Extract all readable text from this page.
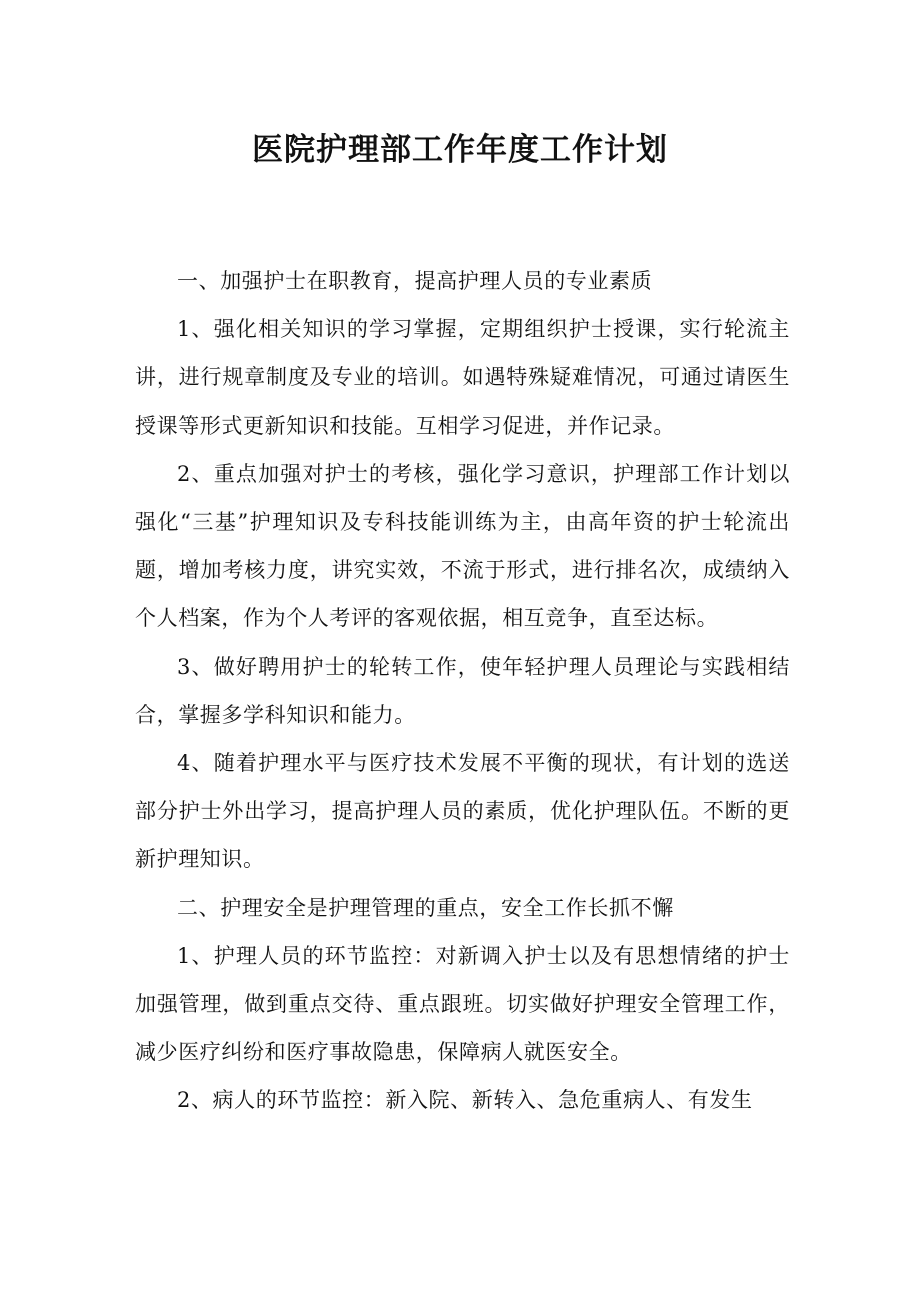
医院护理部工作年度工作计划

一、加强护士在职教育，提高护理人员的专业素质

1、强化相关知识的学习掌握，定期组织护士授课，实行轮流主讲，进行规章制度及专业的培训。如遇特殊疑难情况，可通过请医生授课等形式更新知识和技能。互相学习促进，并作记录。

2、重点加强对护士的考核，强化学习意识，护理部工作计划以强化“三基”护理知识及专科技能训练为主，由高年资的护士轮流出题，增加考核力度，讲究实效，不流于形式，进行排名次，成绩纳入个人档案，作为个人考评的客观依据，相互竞争，直至达标。

3、做好聘用护士的轮转工作，使年轻护理人员理论与实践相结合，掌握多学科知识和能力。

4、随着护理水平与医疗技术发展不平衡的现状，有计划的选送部分护士外出学习，提高护理人员的素质，优化护理队伍。不断的更新护理知识。

二、护理安全是护理管理的重点，安全工作长抓不懈

1、护理人员的环节监控：对新调入护士以及有思想情绪的护士加强管理，做到重点交待、重点跟班。切实做好护理安全管理工作，减少医疗纠纷和医疗事故隐患，保障病人就医安全。

2、病人的环节监控：新入院、新转入、急危重病人、有发生
